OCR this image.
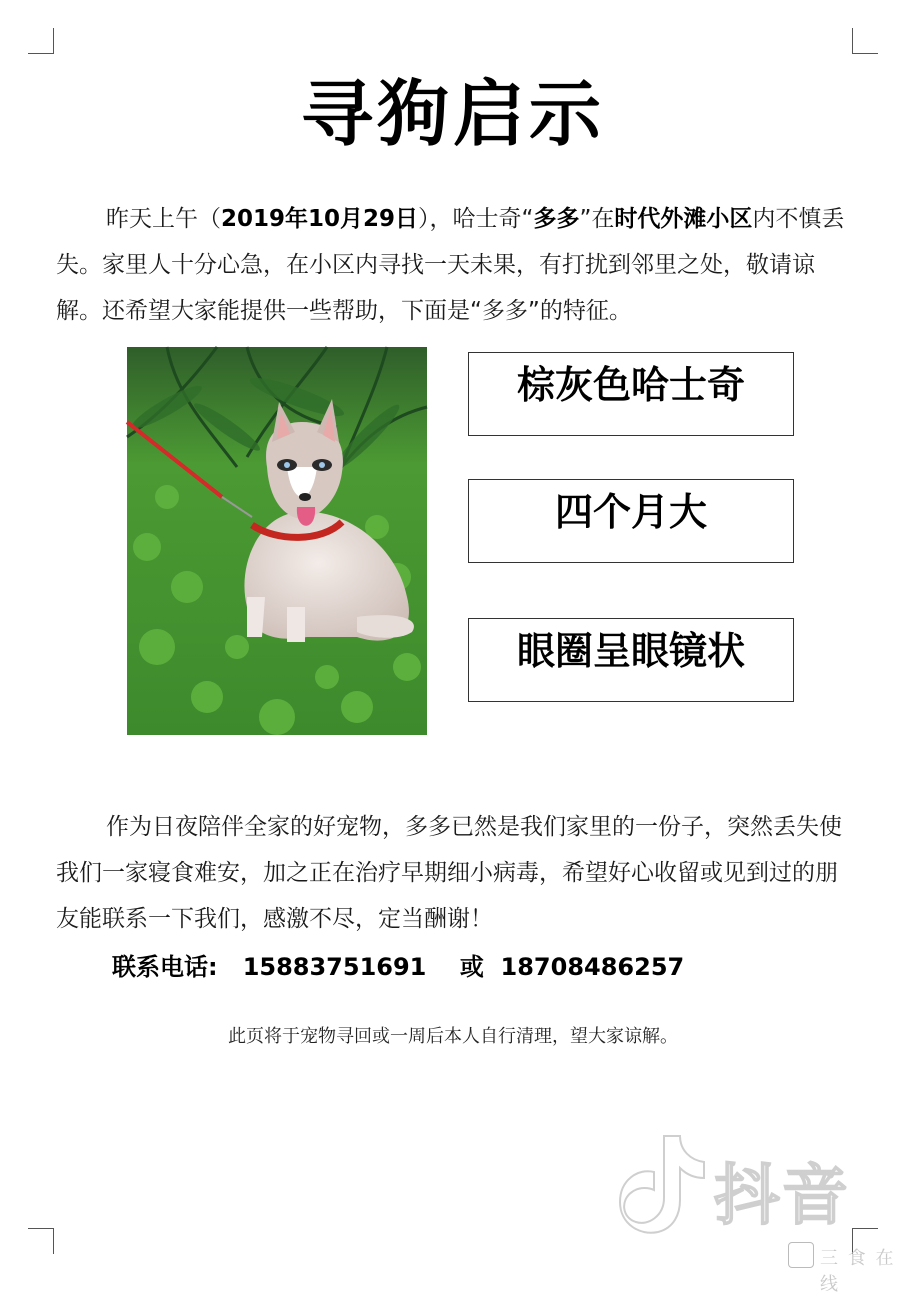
寻狗启示

昨天上午（2019年10月29日），哈士奇“多多”在时代外滩小区内不慎丢失。家里人十分心急，在小区内寻找一天未果，有打扰到邻里之处，敬请谅解。还希望大家能提供一些帮助，下面是“多多”的特征。

棕灰色哈士奇
四个月大
眼圈呈眼镜状

作为日夜陪伴全家的好宠物，多多已然是我们家里的一份子，突然丢失使我们一家寝食难安，加之正在治疗早期细小病毒，希望好心收留或见到过的朋友能联系一下我们，感激不尽，定当酬谢！

联系电话: 15883751691 或 18708486257
此页将于宠物寻回或一周后本人自行清理，望大家谅解。
抖音
三 食 在 线
